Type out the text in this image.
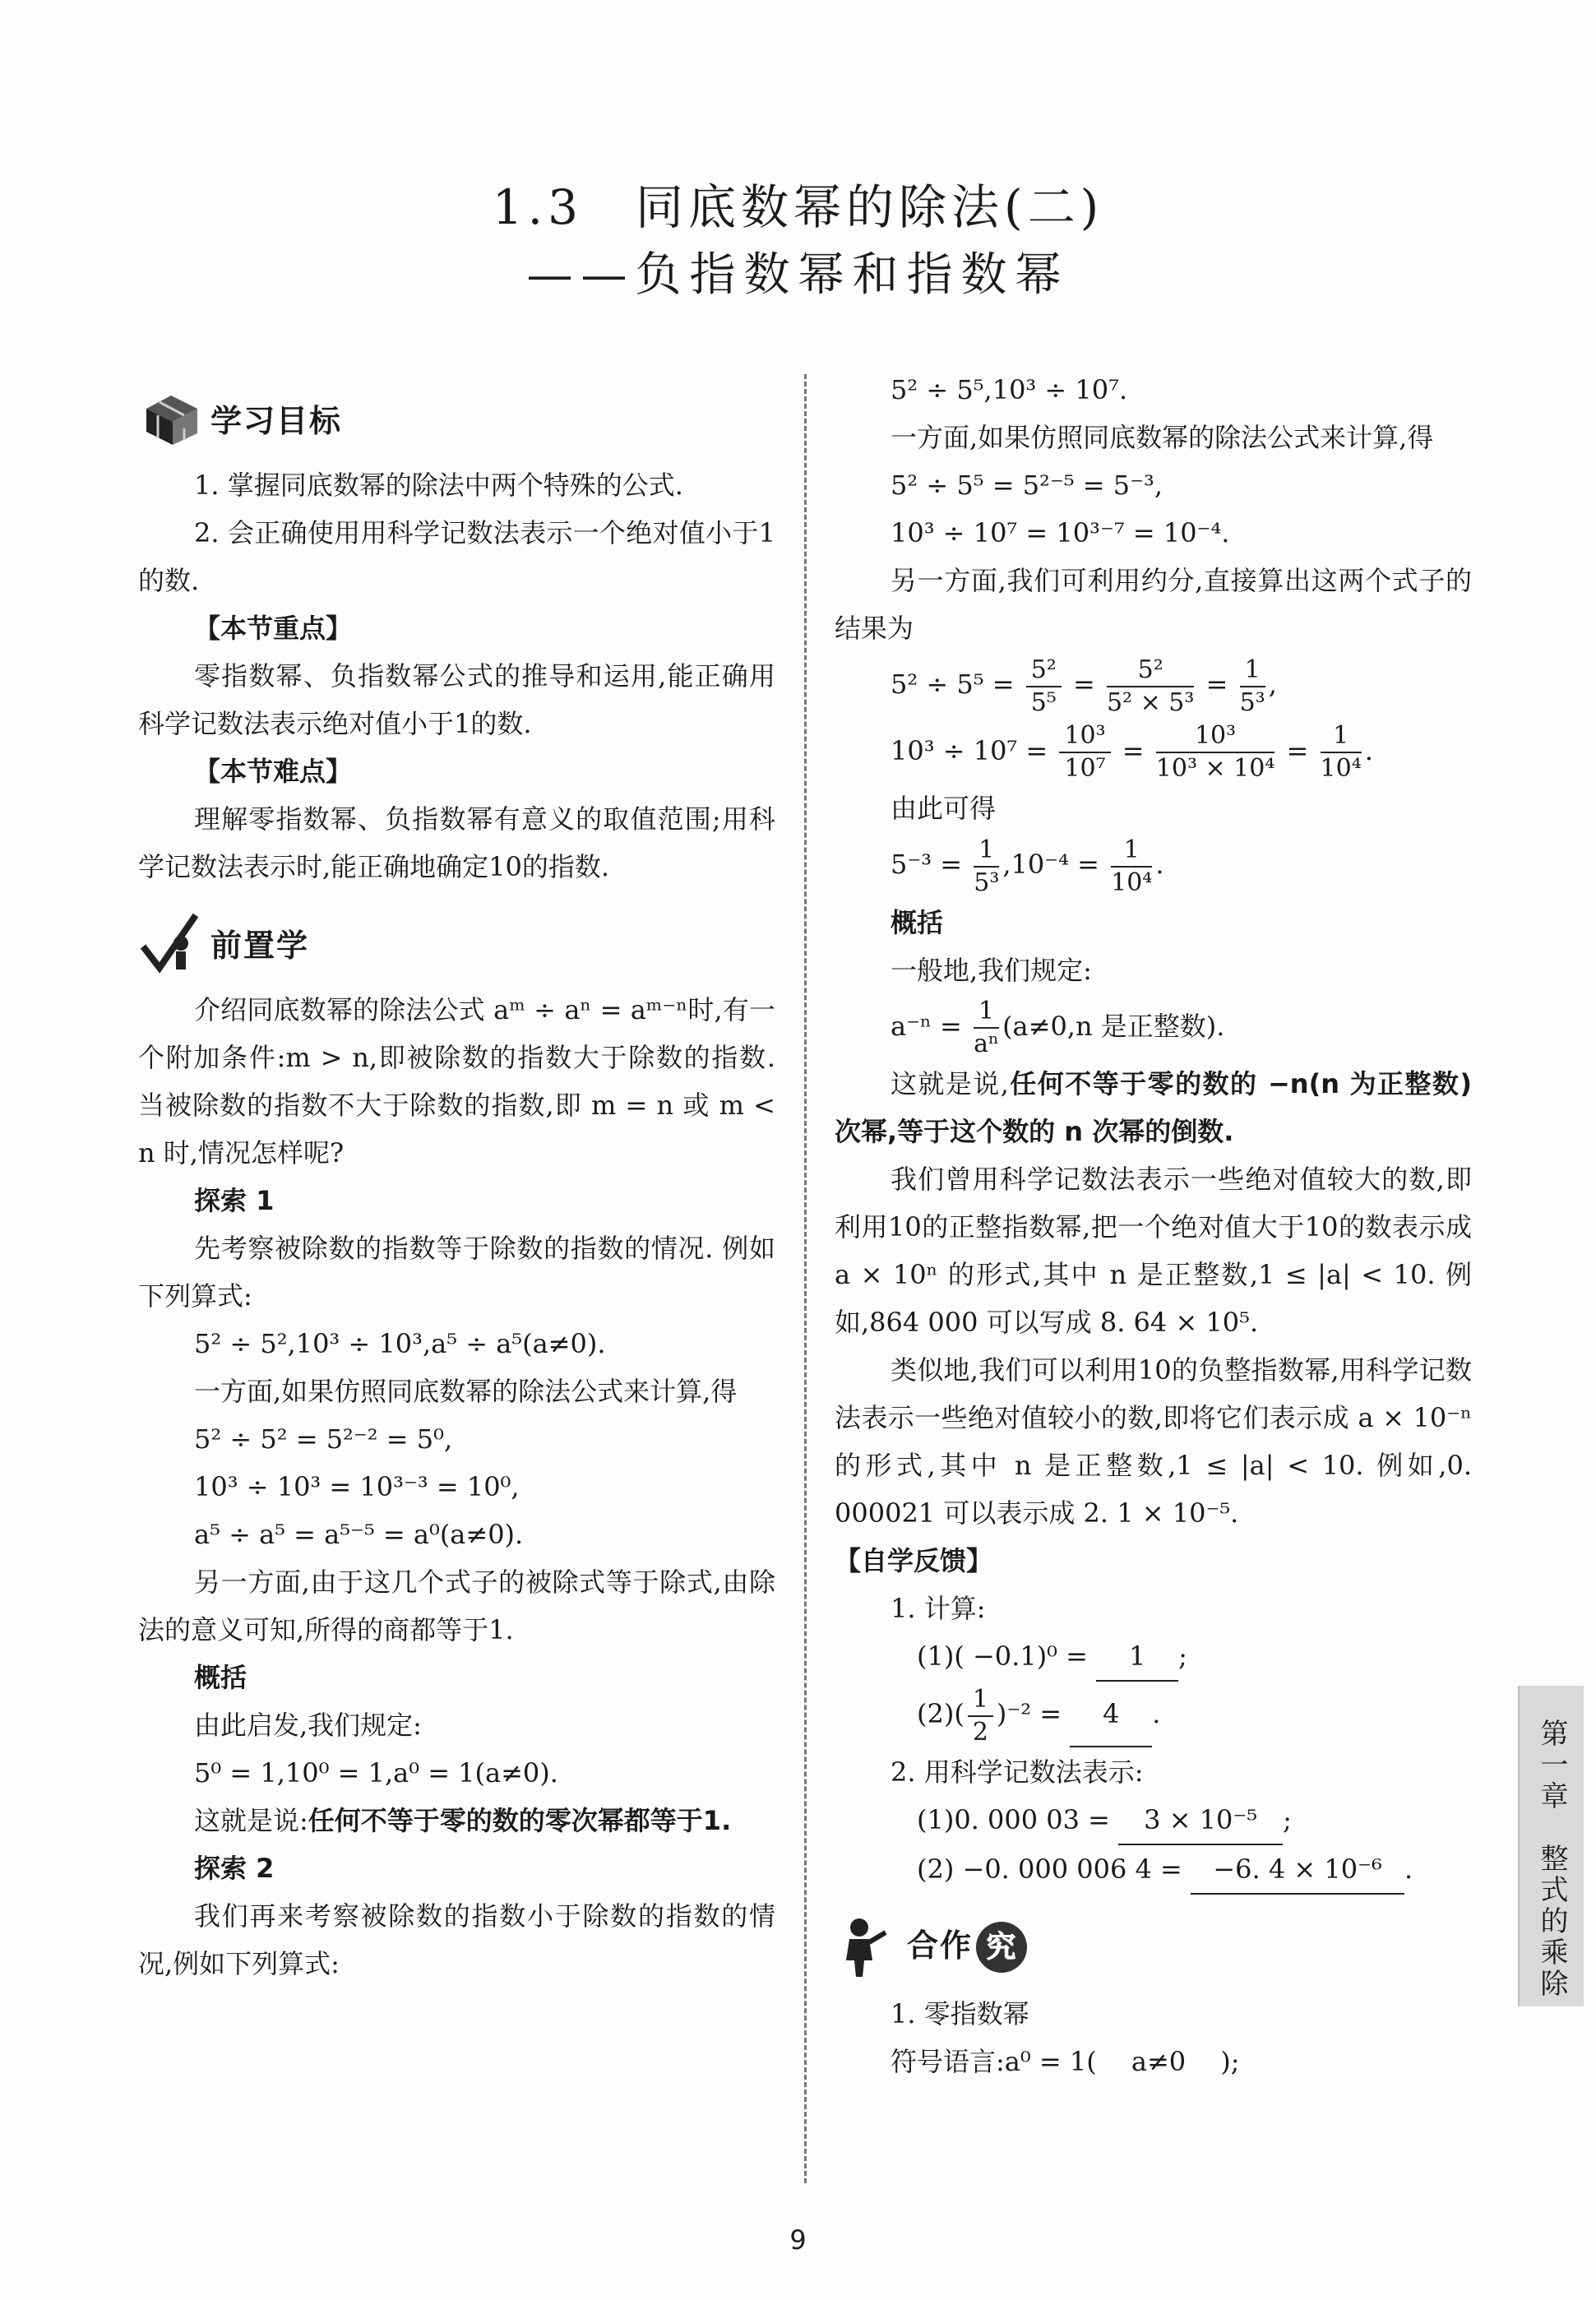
1.3　同底数幂的除法(二)
——负指数幂和指数幂
学习目标

1. 掌握同底数幂的除法中两个特殊的公式.

2. 会正确使用用科学记数法表示一个绝对值小于1的数.

【本节重点】

零指数幂、负指数幂公式的推导和运用,能正确用科学记数法表示绝对值小于1的数.

【本节难点】

理解零指数幂、负指数幂有意义的取值范围;用科学记数法表示时,能正确地确定10的指数.

前置学

介绍同底数幂的除法公式 aᵐ ÷ aⁿ = aᵐ⁻ⁿ时,有一个附加条件:m > n,即被除数的指数大于除数的指数. 当被除数的指数不大于除数的指数,即 m = n 或 m < n 时,情况怎样呢?

探索 1

先考察被除数的指数等于除数的指数的情况. 例如下列算式:

5² ÷ 5²,10³ ÷ 10³,a⁵ ÷ a⁵(a≠0).

一方面,如果仿照同底数幂的除法公式来计算,得

5² ÷ 5² = 5²⁻² = 5⁰,

10³ ÷ 10³ = 10³⁻³ = 10⁰,

a⁵ ÷ a⁵ = a⁵⁻⁵ = a⁰(a≠0).

另一方面,由于这几个式子的被除式等于除式,由除法的意义可知,所得的商都等于1.

概括

由此启发,我们规定:

5⁰ = 1,10⁰ = 1,a⁰ = 1(a≠0).

这就是说:任何不等于零的数的零次幂都等于1.

探索 2

我们再来考察被除数的指数小于除数的指数的情况,例如下列算式:

5² ÷ 5⁵,10³ ÷ 10⁷.

一方面,如果仿照同底数幂的除法公式来计算,得

5² ÷ 5⁵ = 5²⁻⁵ = 5⁻³,

10³ ÷ 10⁷ = 10³⁻⁷ = 10⁻⁴.

另一方面,我们可利用约分,直接算出这两个式子的结果为

$5^2 \div 5^5 = \frac{\text{5²}}{\text{5⁵}} = \frac{\text{5²}}{\text{5² × 5³}} = \frac{1}{\text{5³}}$ ,

$10^3 \div 10^7 = \frac{\text{10³}}{\text{10⁷}} = \frac{\text{10³}}{\text{10³ × 10⁴}} = \frac{1}{\text{10⁴}}$ .

由此可得

$5^{-3} = \frac{1}{\text{5³}} ,10^{-4} = \frac{1}{\text{10⁴}}$ .

概括

一般地,我们规定:

$a^{-n} = \frac{1}{\text{aⁿ}} (a\ne 0,n$ 是正整数).

这就是说,任何不等于零的数的 −n(n 为正整数)次幂,等于这个数的 n 次幂的倒数.

我们曾用科学记数法表示一些绝对值较大的数,即利用10的正整指数幂,把一个绝对值大于10的数表示成 a × 10ⁿ 的形式,其中 n 是正整数,1 ≤ |a| < 10. 例如,864 000 可以写成 8. 64 × 10⁵.

类似地,我们可以利用10的负整指数幂,用科学记数法表示一些绝对值较小的数,即将它们表示成 a × 10⁻ⁿ的形式,其中 n 是正整数,1 ≤ |a| < 10. 例如,0. 000021 可以表示成 2. 1 × 10⁻⁵.

【自学反馈】

1. 计算:

(1)( −0.1)⁰ = 1 ;

$(2)( \frac{1}{2} )^{-2} = 4$ .

2. 用科学记数法表示:

(1)0. 000 03 = 3 × 10⁻⁵ ;

(2) −0. 000 006 4 = −6. 4 × 10⁻⁶ .

合作 究

1. 零指数幂

符号语言:a⁰ = 1(　 a≠0　 );

第一章　整式的乘除
9
